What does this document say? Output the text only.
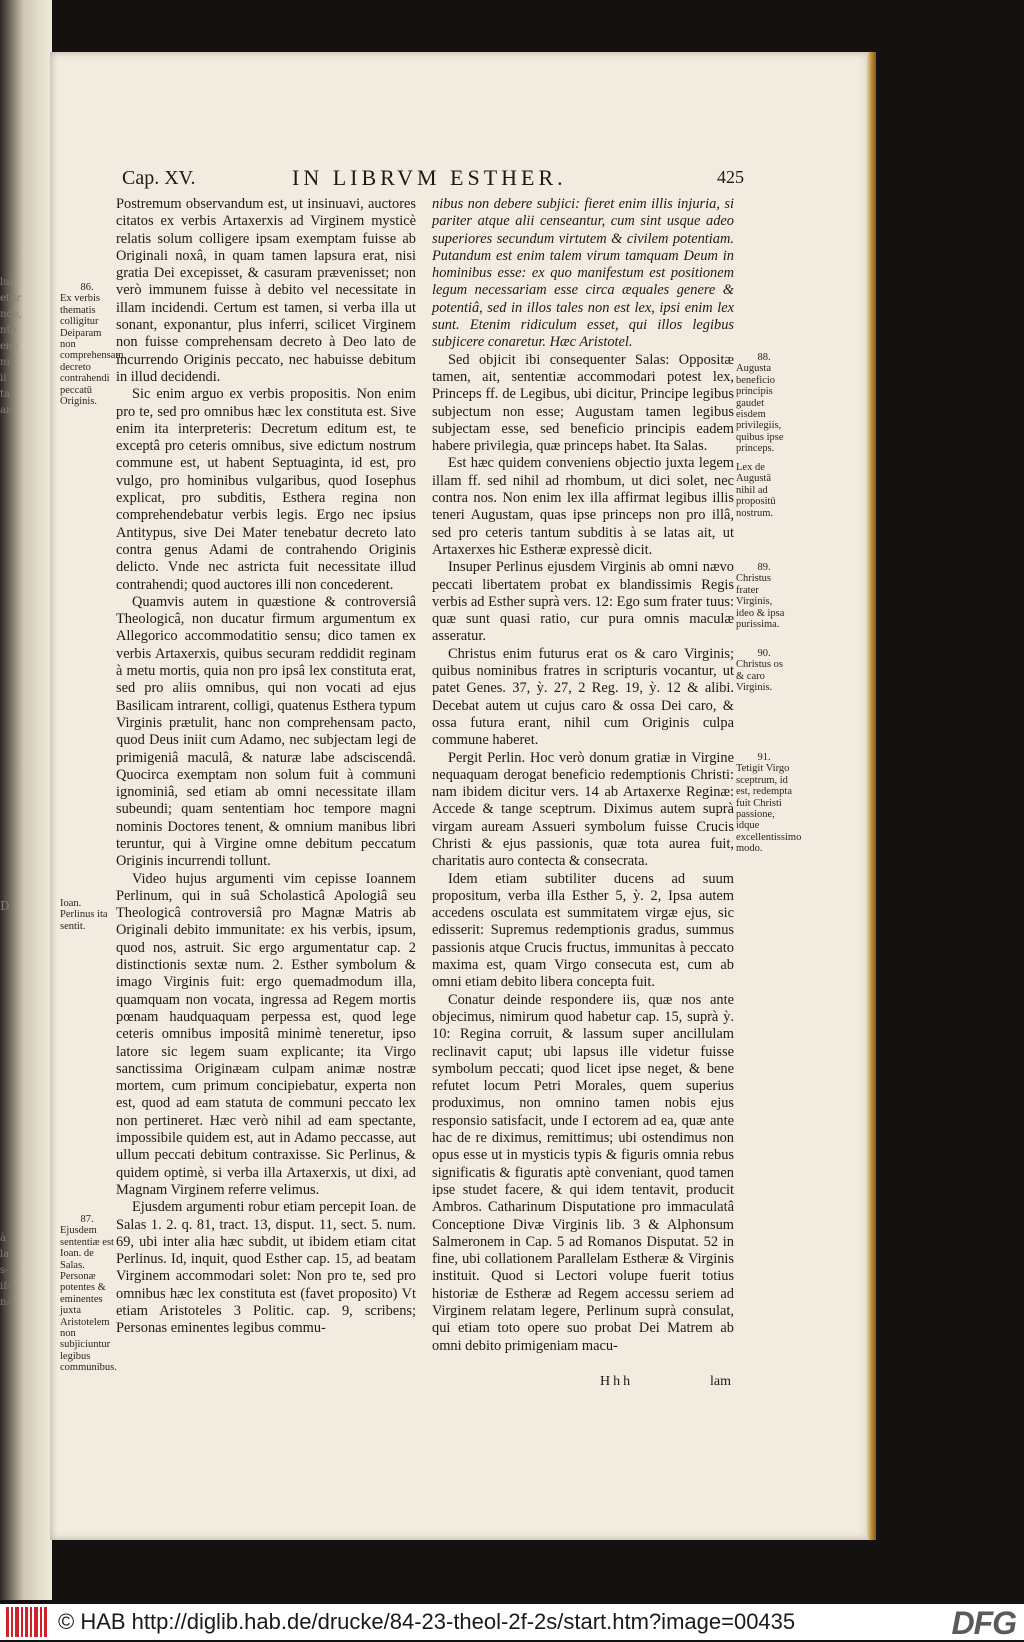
lui
etur
nde,
nte
em:
ni-
ii
ta
ar-
à
la
s-
if-
n-
D
Cap. XV.	IN LIBRVM ESTHER.	425

Postremum observandum est, ut insinuavi, auctores citatos ex verbis Artaxerxis ad Virginem mysticè relatis solum colligere ipsam exemptam fuisse ab Originali noxâ, in quam tamen lapsura erat, nisi gratia Dei excepisset, & casuram prævenisset; non verò immunem fuisse à debito vel necessitate in illam incidendi. Certum est tamen, si verba illa ut sonant, exponantur, plus inferri, scilicet Virginem non fuisse comprehensam decreto à Deo lato de incurrendo Originis peccato, nec habuisse debitum in illud decidendi.

Sic enim arguo ex verbis propositis. Non enim pro te, sed pro omnibus hæc lex constituta est. Sive enim ita interpreteris: Decretum editum est, te exceptâ pro ceteris omnibus, sive edictum nostrum commune est, ut habent Septuaginta, id est, pro vulgo, pro hominibus vulgaribus, quod Iosephus explicat, pro subditis, Esthera regina non comprehendebatur verbis legis. Ergo nec ipsius Antitypus, sive Dei Mater tenebatur decreto lato contra genus Adami de contrahendo Originis delicto. Vnde nec astricta fuit necessitate illud contrahendi; quod auctores illi non concederent.

Quamvis autem in quæstione & controversiâ Theologicâ, non ducatur firmum argumentum ex Allegorico accommodatitio sensu; dico tamen ex verbis Artaxerxis, quibus securam reddidit reginam à metu mortis, quia non pro ipsâ lex constituta erat, sed pro aliis omnibus, qui non vocati ad ejus Basilicam intrarent, colligi, quatenus Esthera typum Virginis prætulit, hanc non comprehensam pacto, quod Deus iniit cum Adamo, nec subjectam legi de primigeniâ maculâ, & naturæ labe adsciscendâ. Quocirca exemptam non solum fuit à communi ignominiâ, sed etiam ab omni necessitate illam subeundi; quam sententiam hoc tempore magni nominis Doctores tenent, & omnium manibus libri teruntur, qui à Virgine omne debitum peccatum Originis incurrendi tollunt.

Video hujus argumenti vim cepisse Ioannem Perlinum, qui in suâ Scholasticâ Apologiâ seu Theologicâ controversiâ pro Magnæ Matris ab Originali debito immunitate: ex his verbis, ipsum, quod nos, astruit. Sic ergo argumentatur cap. 2 distinctionis sextæ num. 2. Esther symbolum & imago Virginis fuit: ergo quemadmodum illa, quamquam non vocata, ingressa ad Regem mortis pœnam haudquaquam perpessa est, quod lege ceteris omnibus impositâ minimè teneretur, ipso latore sic legem suam explicante; ita Virgo sanctissima Originæam culpam animæ nostræ mortem, cum primum concipiebatur, experta non est, quod ad eam statuta de communi peccato lex non pertineret. Hæc verò nihil ad eam spectante, impossibile quidem est, aut in Adamo peccasse, aut ullum peccati debitum contraxisse. Sic Perlinus, & quidem optimè, si verba illa Artaxerxis, ut dixi, ad Magnam Virginem referre velimus.

Ejusdem argumenti robur etiam percepit Ioan. de Salas 1. 2. q. 81, tract. 13, disput. 11, sect. 5. num. 69, ubi inter alia hæc subdit, ut ibidem etiam citat Perlinus. Id, inquit, quod Esther cap. 15, ad beatam Virginem accommodari solet: Non pro te, sed pro omnibus hæc lex constituta est (favet proposito) Vt etiam Aristoteles 3 Politic. cap. 9, scribens; Personas eminentes legibus commu-

nibus non debere subjici: fieret enim illis injuria, si pariter atque alii censeantur, cum sint usque adeo superiores secundum virtutem & civilem potentiam. Putandum est enim talem virum tamquam Deum in hominibus esse: ex quo manifestum est positionem legum necessariam esse circa æquales genere & potentiâ, sed in illos tales non est lex, ipsi enim lex sunt. Etenim ridiculum esset, qui illos legibus subjicere conaretur. Hæc Aristotel.

Sed objicit ibi consequenter Salas: Oppositæ tamen, ait, sententiæ accommodari potest lex, Princeps ff. de Legibus, ubi dicitur, Principe legibus subjectum non esse; Augustam tamen legibus subjectam esse, sed beneficio principis eadem habere privilegia, quæ princeps habet. Ita Salas.

Est hæc quidem conveniens objectio juxta legem illam ff. sed nihil ad rhombum, ut dici solet, nec contra nos. Non enim lex illa affirmat legibus illis teneri Augustam, quas ipse princeps non pro illâ, sed pro ceteris tantum subditis à se latas ait, ut Artaxerxes hic Estheræ expressè dicit.

Insuper Perlinus ejusdem Virginis ab omni nævo peccati libertatem probat ex blandissimis Regis verbis ad Esther suprà vers. 12: Ego sum frater tuus: quæ sunt quasi ratio, cur pura omnis maculæ asseratur.

Christus enim futurus erat os & caro Virginis; quibus nominibus fratres in scripturis vocantur, ut patet Genes. 37, ỳ. 27, 2 Reg. 19, ỳ. 12 & alibi. Decebat autem ut cujus caro & ossa Dei caro, & ossa futura erant, nihil cum Originis culpa commune haberet.

Pergit Perlin. Hoc verò donum gratiæ in Virgine nequaquam derogat beneficio redemptionis Christi: nam ibidem dicitur vers. 14 ab Artaxerxe Reginæ: Accede & tange sceptrum. Diximus autem suprà virgam auream Assueri symbolum fuisse Crucis Christi & ejus passionis, quæ tota aurea fuit, charitatis auro contecta & consecrata.

Idem etiam subtiliter ducens ad suum propositum, verba illa Esther 5, ỳ. 2, Ipsa autem accedens osculata est summitatem virgæ ejus, sic edisserit: Supremus redemptionis gradus, summus passionis atque Crucis fructus, immunitas à peccato maxima est, quam Virgo consecuta est, cum ab omni etiam debito libera concepta fuit.

Conatur deinde respondere iis, quæ nos ante objecimus, nimirum quod habetur cap. 15, suprà ỳ. 10: Regina corruit, & lassum super ancillulam reclinavit caput; ubi lapsus ille videtur fuisse symbolum peccati; quod licet ipse neget, & bene refutet locum Petri Morales, quem superius produximus, non omnino tamen nobis ejus responsio satisfacit, unde I ectorem ad ea, quæ ante hac de re diximus, remittimus; ubi ostendimus non opus esse ut in mysticis typis & figuris omnia rebus significatis & figuratis aptè conveniant, quod tamen ipse studet facere, & qui idem tentavit, producit Ambros. Catharinum Disputatione pro immaculatâ Conceptione Divæ Virginis lib. 3 & Alphonsum Salmeronem in Cap. 5 ad Romanos Disputat. 52 in fine, ubi collationem Parallelam Estheræ & Virginis instituit. Quod si Lectori volupe fuerit totius historiæ de Estheræ ad Regem accessu seriem ad Virginem relatam legere, Perlinum suprà consulat, qui etiam toto opere suo probat Dei Matrem ab omni debito primigeniam macu-

86.
Ex verbis thematis colligitur Deiparam non comprehensam decreto contrahendi peccatū Originis.
Ioan. Perlinus ita sentit.
87.
Ejusdem sententiæ est Ioan. de Salas. Personæ potentes & eminentes juxta Aristotelem non subjiciuntur legibus communibus.
88.
Augusta beneficio principis gaudet eisdem privilegiis, quibus ipse princeps.
Lex de Augustā nihil ad propositū nostrum.
89.
Christus frater Virginis, ideo & ipsa purissima.
90.
Christus os & caro Virginis.
91.
Tetigit Virgo sceptrum, id est, redempta fuit Christi passione, idque excellentissimo modo.
Hhh	lam
© HAB http://diglib.hab.de/drucke/84-23-theol-2f-2s/start.htm?image=00435	DFG
